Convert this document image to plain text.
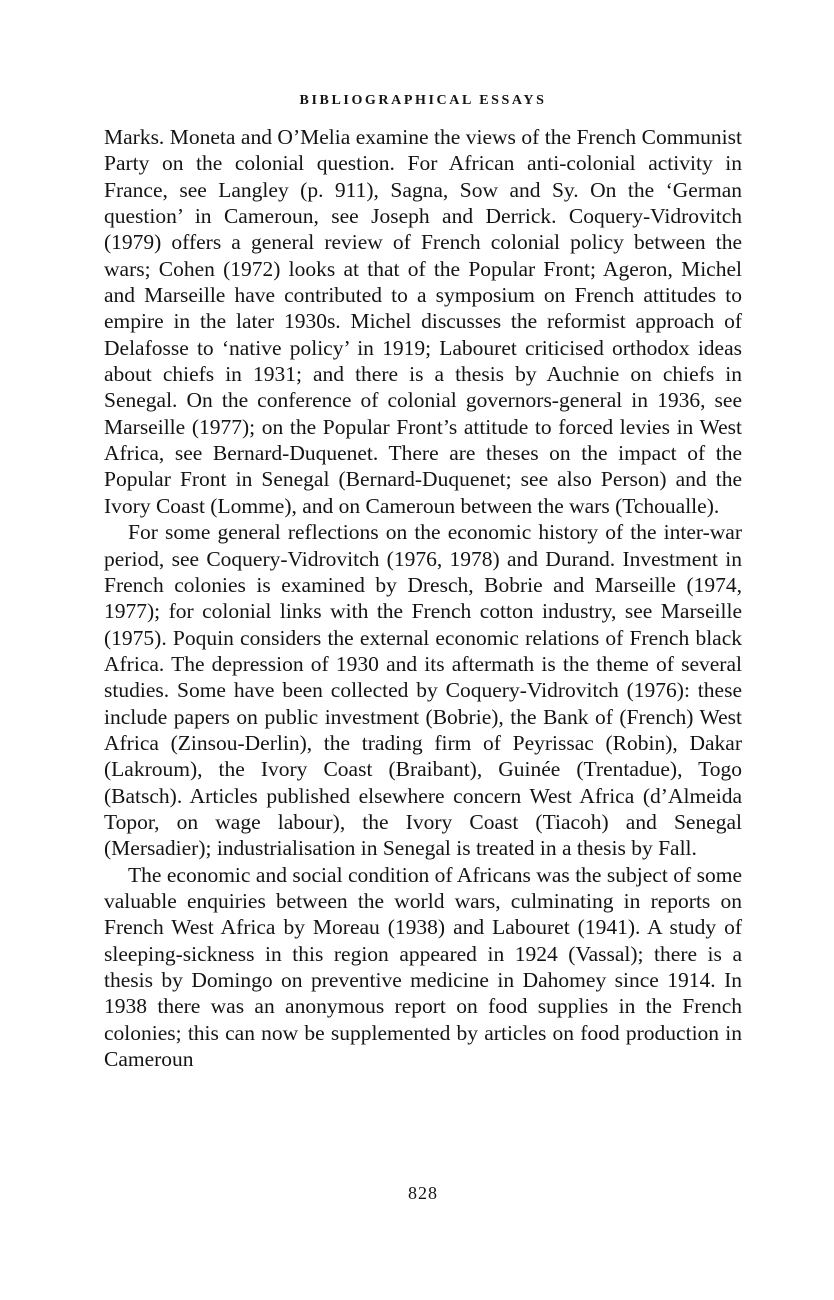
BIBLIOGRAPHICAL ESSAYS

Marks. Moneta and O’Melia examine the views of the French Communist Party on the colonial question. For African anti-colonial activity in France, see Langley (p. 911), Sagna, Sow and Sy. On the ‘German question’ in Cameroun, see Joseph and Derrick. Coquery-Vidrovitch (1979) offers a general review of French colonial policy between the wars; Cohen (1972) looks at that of the Popular Front; Ageron, Michel and Marseille have contributed to a symposium on French attitudes to empire in the later 1930s. Michel discusses the reformist approach of Delafosse to ‘native policy’ in 1919; Labouret criticised orthodox ideas about chiefs in 1931; and there is a thesis by Auchnie on chiefs in Senegal. On the conference of colonial governors-general in 1936, see Marseille (1977); on the Popular Front’s attitude to forced levies in West Africa, see Bernard-Duquenet. There are theses on the impact of the Popular Front in Senegal (Bernard-Duquenet; see also Person) and the Ivory Coast (Lomme), and on Cameroun between the wars (Tchoualle).

For some general reflections on the economic history of the inter-war period, see Coquery-Vidrovitch (1976, 1978) and Durand. Investment in French colonies is examined by Dresch, Bobrie and Marseille (1974, 1977); for colonial links with the French cotton industry, see Marseille (1975). Poquin considers the external economic relations of French black Africa. The depression of 1930 and its aftermath is the theme of several studies. Some have been collected by Coquery-Vidrovitch (1976): these include papers on public investment (Bobrie), the Bank of (French) West Africa (Zinsou-Derlin), the trading firm of Peyrissac (Robin), Dakar (Lakroum), the Ivory Coast (Braibant), Guinée (Trentadue), Togo (Batsch). Articles published elsewhere concern West Africa (d’Almeida Topor, on wage labour), the Ivory Coast (Tiacoh) and Senegal (Mersadier); industrialisation in Senegal is treated in a thesis by Fall.

The economic and social condition of Africans was the subject of some valuable enquiries between the world wars, culminating in reports on French West Africa by Moreau (1938) and Labouret (1941). A study of sleeping-sickness in this region appeared in 1924 (Vassal); there is a thesis by Domingo on preventive medicine in Dahomey since 1914. In 1938 there was an anonymous report on food supplies in the French colonies; this can now be supplemented by articles on food production in Cameroun

828
